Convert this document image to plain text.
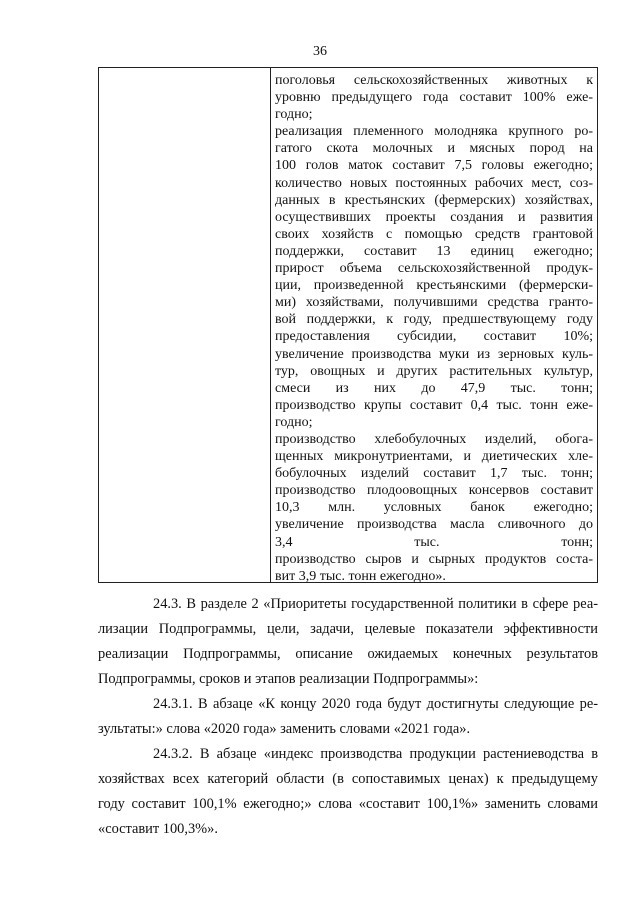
36
поголовья сельскохозяйственных животных к
уровню предыдущего года составит 100% еже-
годно;
реализация племенного молодняка крупного ро-
гатого скота молочных и мясных пород на
100 голов маток составит 7,5 головы ежегодно;
количество новых постоянных рабочих мест, соз-
данных в крестьянских (фермерских) хозяйствах,
осуществивших проекты создания и развития
своих хозяйств с помощью средств грантовой
поддержки, составит 13 единиц ежегодно;
прирост объема сельскохозяйственной продук-
ции, произведенной крестьянскими (фермерски-
ми) хозяйствами, получившими средства грантo-
вой поддержки, к году, предшествующему году
предоставления субсидии, составит 10%;
увеличение производства муки из зерновых куль-
тур, овощных и других растительных культур,
смеси из них до 47,9 тыс. тонн;
производство крупы составит 0,4 тыс. тонн еже-
годно;
производство хлебобулочных изделий, обога-
щенных микронутриентами, и диетических хле-
бобулочных изделий составит 1,7 тыс. тонн;
производство плодоовощных консервов составит
10,3 млн. условных банок ежегодно;
увеличение производства масла сливочного до
3,4 тыс. тонн;
производство сыров и сырных продуктов соста-
вит 3,9 тыс. тонн ежегодно».
24.3. В разделе 2 «Приоритеты государственной политики в сфере реа-
лизации Подпрограммы, цели, задачи, целевые показатели эффективности
реализации Подпрограммы, описание ожидаемых конечных результатов
Подпрограммы, сроков и этапов реализации Подпрограммы»:
24.3.1. В абзаце «К концу 2020 года будут достигнуты следующие ре-
зультаты:» слова «2020 года» заменить словами «2021 года».
24.3.2. В абзаце «индекс производства продукции растениеводства в
хозяйствах всех категорий области (в сопоставимых ценах) к предыдущему
году составит 100,1% ежегодно;» слова «составит 100,1%» заменить словами
«составит 100,3%».
